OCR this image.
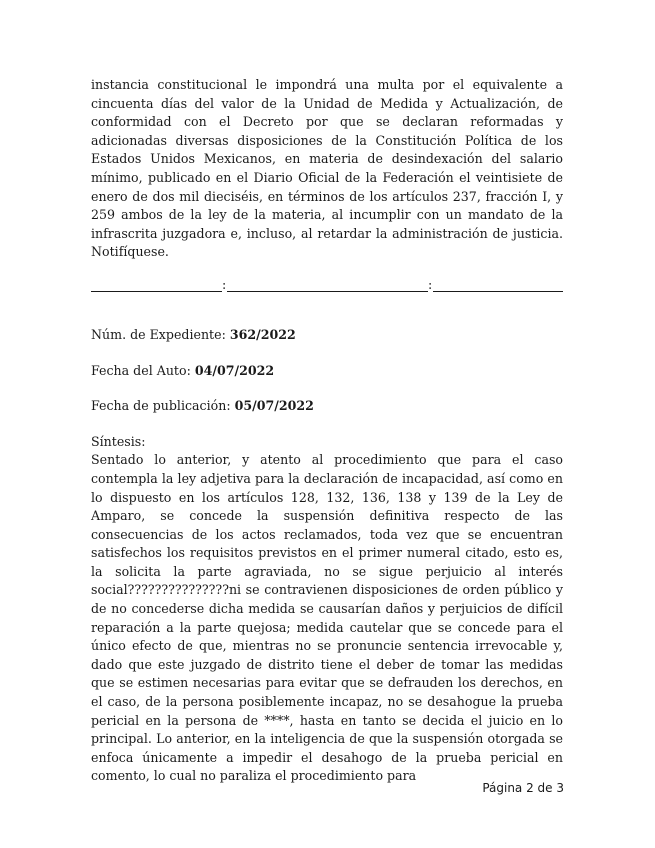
instancia constitucional le impondrá una multa por el equivalente a cincuenta días del valor de la Unidad de Medida y Actualización, de conformidad con el Decreto por que se declaran reformadas y adicionadas diversas disposiciones de la Constitución Política de los Estados Unidos Mexicanos, en materia de desindexación del salario mínimo, publicado en el Diario Oficial de la Federación el veintisiete de enero de dos mil dieciséis, en términos de los artículos 237, fracción I, y 259 ambos de la ley de la materia, al incumplir con un mandato de la infrascrita juzgadora e, incluso, al retardar la administración de justicia. Notifíquese.

:	:

Núm. de Expediente: 362/2022

Fecha del Auto: 04/07/2022

Fecha de publicación: 05/07/2022

Síntesis:

Sentado lo anterior, y atento al procedimiento que para el caso contempla la ley adjetiva para la declaración de incapacidad, así como en lo dispuesto en los artículos 128, 132, 136, 138 y 139 de la Ley de Amparo, se concede la suspensión definitiva respecto de las consecuencias de los actos reclamados, toda vez que se encuentran satisfechos los requisitos previstos en el primer numeral citado, esto es, la solicita la parte agraviada, no se sigue perjuicio al interés social???????????????ni se contravienen disposiciones de orden público y de no concederse dicha medida se causarían daños y perjuicios de difícil reparación a la parte quejosa; medida cautelar que se concede para el único efecto de que, mientras no se pronuncie sentencia irrevocable y, dado que este juzgado de distrito tiene el deber de tomar las medidas que se estimen necesarias para evitar que se defrauden los derechos, en el caso, de la persona posiblemente incapaz, no se desahogue la prueba pericial en la persona de ****, hasta en tanto se decida el juicio en lo principal. Lo anterior, en la inteligencia de que la suspensión otorgada se enfoca únicamente a impedir el desahogo de la prueba pericial en comento, lo cual no paraliza el procedimiento para

Página 2 de 3
